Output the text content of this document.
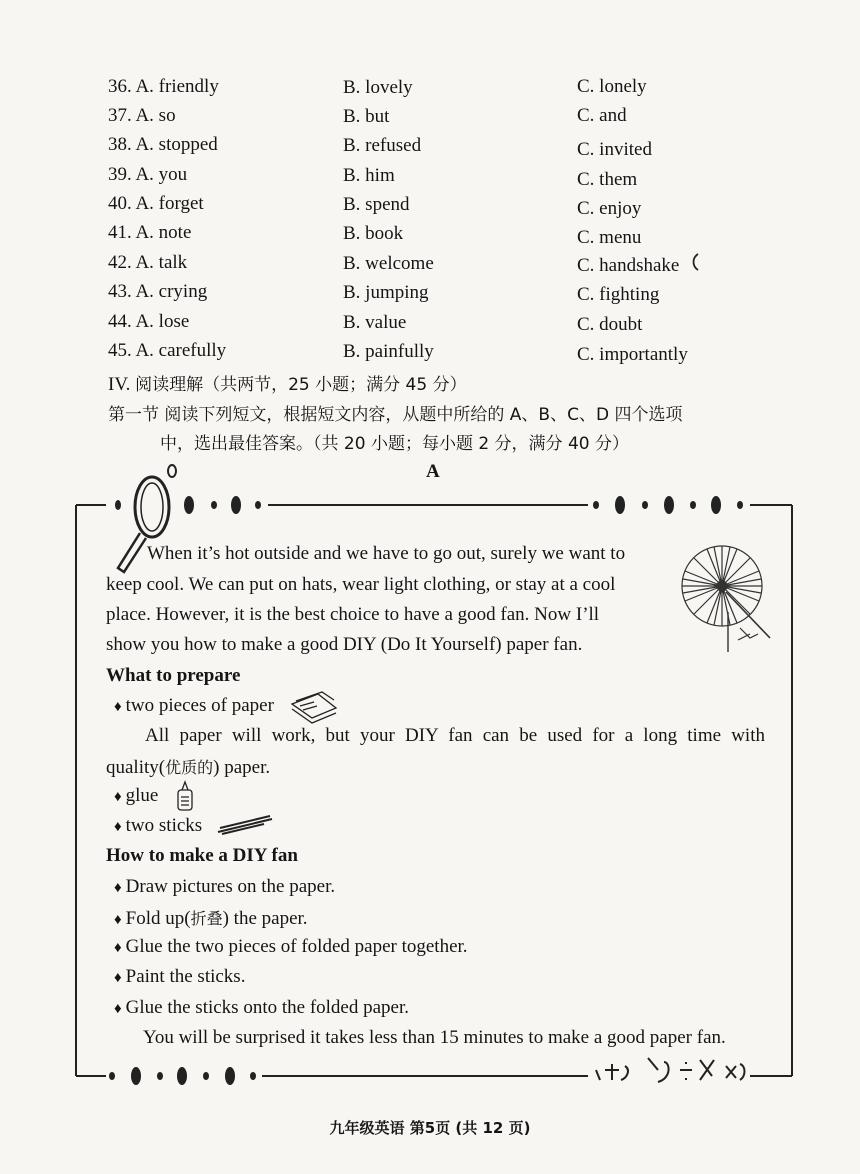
36. A. friendly	B. lovely	C. lonely
37. A. so	B. but	C. and
38. A. stopped	B. refused	C. invited
39. A. you	B. him	C. them
40. A. forget	B. spend	C. enjoy
41. A. note	B. book	C. menu
42. A. talk	B. welcome	C. handshake
43. A. crying	B. jumping	C. fighting
44. A. lose	B. value	C. doubt
45. A. carefully	B. painfully	C. importantly
IV. 阅读理解（共两节，25 小题；满分 45 分）
第一节 阅读下列短文，根据短文内容，从题中所给的 A、B、C、D 四个选项
中，选出最佳答案。（共 20 小题；每小题 2 分，满分 40 分）
A
When it’s hot outside and we have to go out, surely we want to
keep cool. We can put on hats, wear light clothing, or stay at a cool
place. However, it is the best choice to have a good fan. Now I’ll
show you how to make a good DIY (Do It Yourself) paper fan.
What to prepare
♦ two pieces of paper
All paper will work, but your DIY fan can be used for a long time with
quality(优质的) paper.
♦ glue
♦ two sticks
How to make a DIY fan
♦ Draw pictures on the paper.
♦ Fold up(折叠) the paper.
♦ Glue the two pieces of folded paper together.
♦ Paint the sticks.
♦ Glue the sticks onto the folded paper.
You will be surprised it takes less than 15 minutes to make a good paper fan.
九年级英语 第5页 (共 12 页)
